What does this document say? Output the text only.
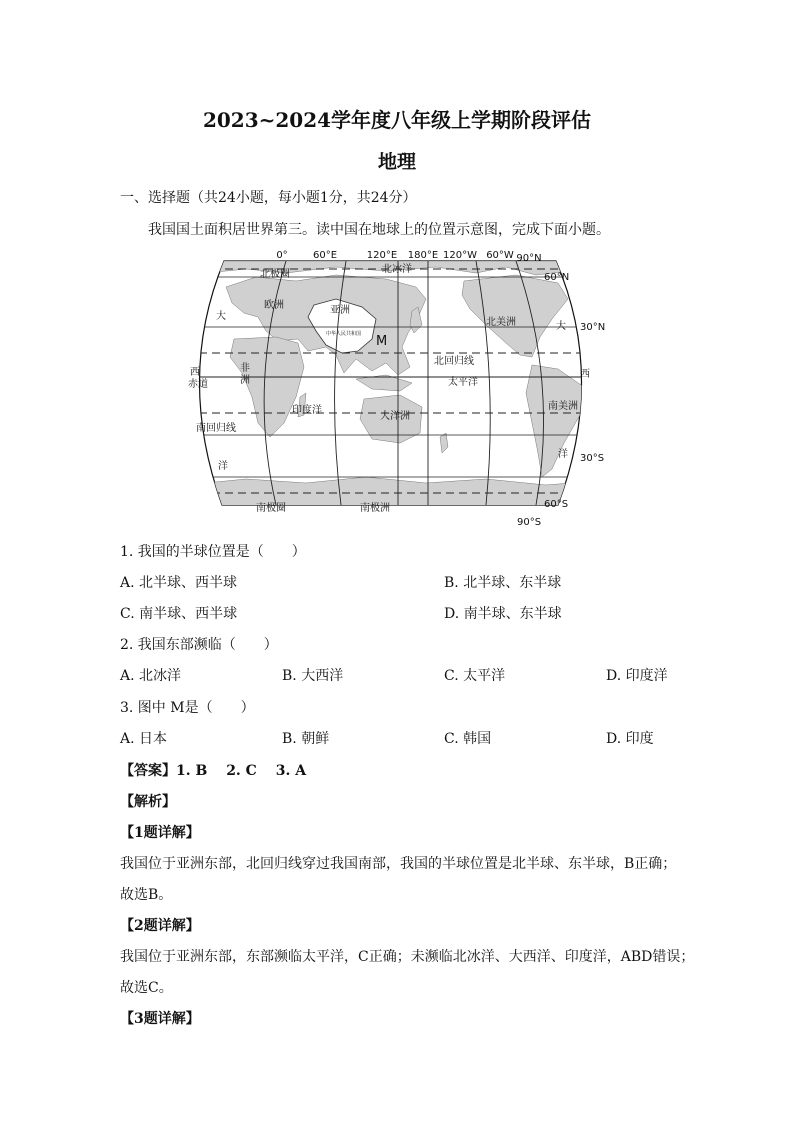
2023~2024学年度八年级上学期阶段评估
地理
一、选择题（共24小题，每小题1分，共24分）
我国国土面积居世界第三。读中国在地球上的位置示意图，完成下面小题。
0°	60°E	120°E 180°E 120°W 60°W 90°N
60°N
30°N
30°S
60°S
90°S
北冰洋
北极圈
欧洲	亚洲
北美洲
大
大
中华人民共和国 M
北回归线
非
洲	太平洋
西	西
赤道
印度洋
大洋洲
南美洲
南回归线
洋
洋
南极圈	南极洲
1. 我国的半球位置是（　　）
A. 北半球、西半球	B. 北半球、东半球
C. 南半球、西半球	D. 南半球、东半球
2. 我国东部濒临（　　）
A. 北冰洋	B. 大西洋	C. 太平洋	D. 印度洋
3. 图中 M是（　　）
A. 日本	B. 朝鲜	C. 韩国	D. 印度
【答案】1. B　 2. C　 3. A
【解析】
【1题详解】
我国位于亚洲东部，北回归线穿过我国南部，我国的半球位置是北半球、东半球，B正确；
故选B。
【2题详解】
我国位于亚洲东部，东部濒临太平洋，C正确；未濒临北冰洋、大西洋、印度洋，ABD错误；
故选C。
【3题详解】
